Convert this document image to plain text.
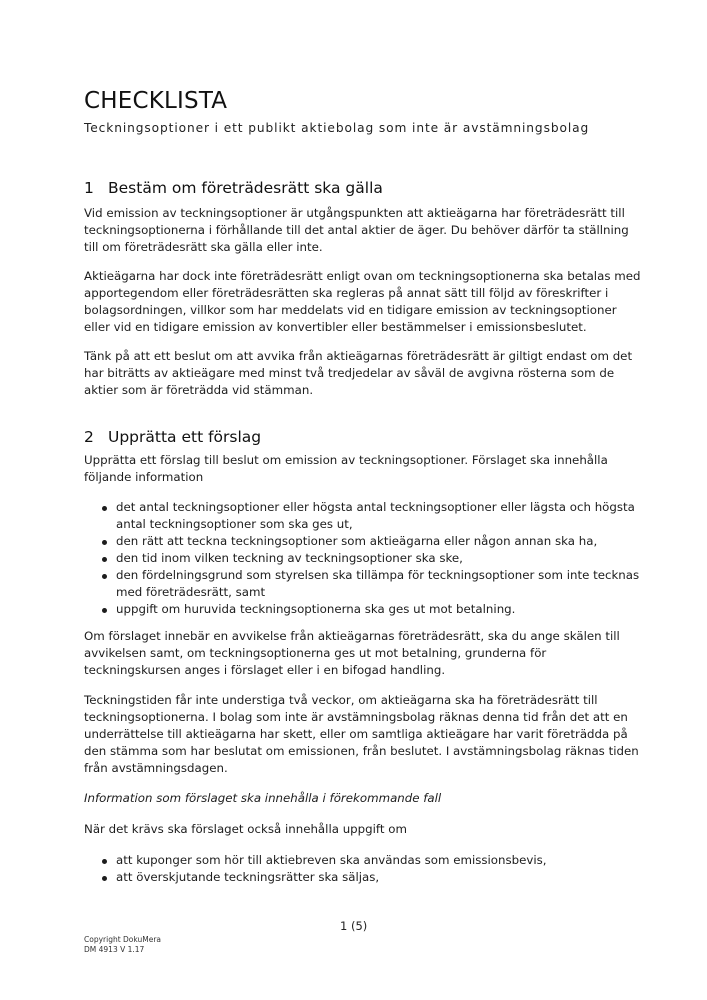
CHECKLISTA

Teckningsoptioner i ett publikt aktiebolag som inte är avstämningsbolag

1 Bestäm om företrädesrätt ska gälla

Vid emission av teckningsoptioner är utgångspunkten att aktieägarna har företrädesrätt till teckningsoptionerna i förhållande till det antal aktier de äger. Du behöver därför ta ställning till om företrädesrätt ska gälla eller inte.

Aktieägarna har dock inte företrädesrätt enligt ovan om teckningsoptionerna ska betalas med apportegendom eller företrädesrätten ska regleras på annat sätt till följd av föreskrifter i bolagsordningen, villkor som har meddelats vid en tidigare emission av teckningsoptioner eller vid en tidigare emission av konvertibler eller bestämmelser i emissionsbeslutet.

Tänk på att ett beslut om att avvika från aktieägarnas företrädesrätt är giltigt endast om det har biträtts av aktieägare med minst två tredjedelar av såväl de avgivna rösterna som de aktier som är företrädda vid stämman.

2 Upprätta ett förslag

Upprätta ett förslag till beslut om emission av teckningsoptioner. Förslaget ska innehålla följande information

det antal teckningsoptioner eller högsta antal teckningsoptioner eller lägsta och högsta antal teckningsoptioner som ska ges ut,
den rätt att teckna teckningsoptioner som aktieägarna eller någon annan ska ha,
den tid inom vilken teckning av teckningsoptioner ska ske,
den fördelningsgrund som styrelsen ska tillämpa för teckningsoptioner som inte tecknas med företrädesrätt, samt
uppgift om huruvida teckningsoptionerna ska ges ut mot betalning.

Om förslaget innebär en avvikelse från aktieägarnas företrädesrätt, ska du ange skälen till avvikelsen samt, om teckningsoptionerna ges ut mot betalning, grunderna för teckningskursen anges i förslaget eller i en bifogad handling.

Teckningstiden får inte understiga två veckor, om aktieägarna ska ha företrädesrätt till teckningsoptionerna. I bolag som inte är avstämningsbolag räknas denna tid från det att en underrättelse till aktieägarna har skett, eller om samtliga aktieägare har varit företrädda på den stämma som har beslutat om emissionen, från beslutet. I avstämningsbolag räknas tiden från avstämningsdagen.

Information som förslaget ska innehålla i förekommande fall

När det krävs ska förslaget också innehålla uppgift om

att kuponger som hör till aktiebreven ska användas som emissionsbevis,
att överskjutande teckningsrätter ska säljas,
1 (5)
Copyright DokuMera
DM 4913 V 1.17
